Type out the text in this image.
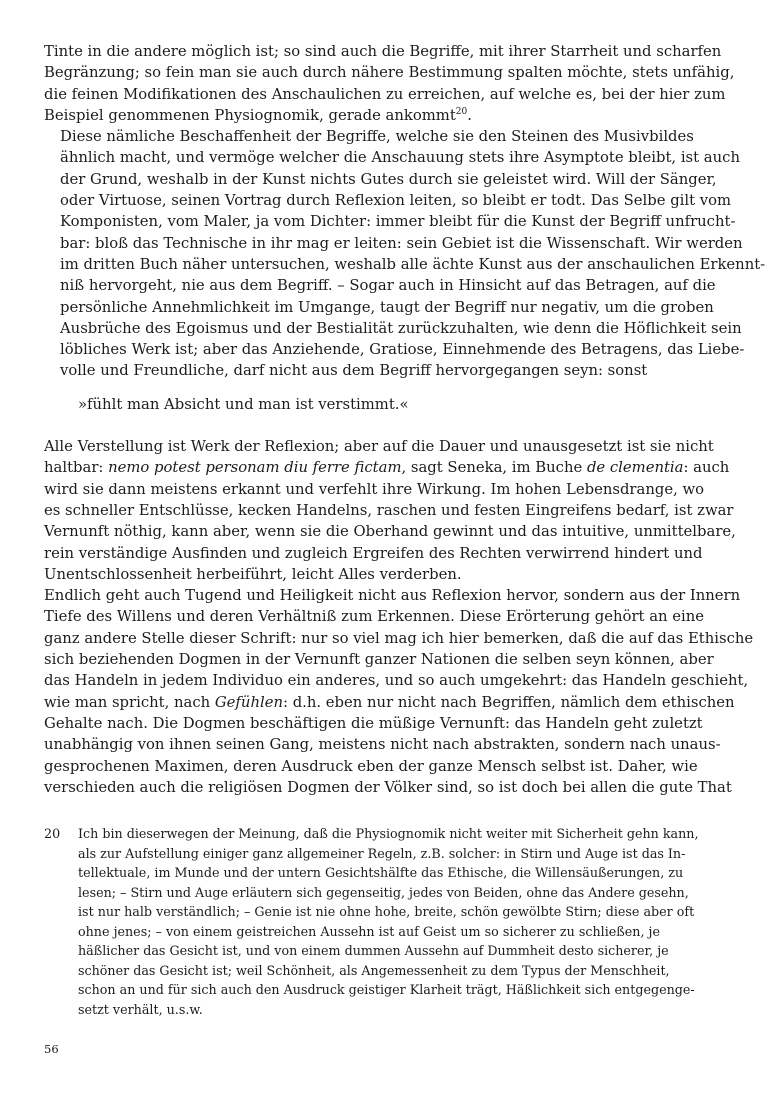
Tinte in die andere möglich ist; so sind auch die Begriffe, mit ihrer Starrheit und scharfen
Begränzung; so fein man sie auch durch nähere Bestimmung spalten möchte, stets unfähig,
die feinen Modifikationen des Anschaulichen zu erreichen, auf welche es, bei der hier zum
Beispiel genommenen Physiognomik, gerade ankommt$^{20}$.

Diese nämliche Beschaffenheit der Begriffe, welche sie den Steinen des Musivbildes
ähnlich macht, und vermöge welcher die Anschauung stets ihre Asymptote bleibt, ist auch
der Grund, weshalb in der Kunst nichts Gutes durch sie geleistet wird. Will der Sänger,
oder Virtuose, seinen Vortrag durch Reflexion leiten, so bleibt er todt. Das Selbe gilt vom
Komponisten, vom Maler, ja vom Dichter: immer bleibt für die Kunst der Begriff unfrucht-
bar: bloß das Technische in ihr mag er leiten: sein Gebiet ist die Wissenschaft. Wir werden
im dritten Buch näher untersuchen, weshalb alle ächte Kunst aus der anschaulichen Erkennt-
niß hervorgeht, nie aus dem Begriff. – Sogar auch in Hinsicht auf das Betragen, auf die
persönliche Annehmlichkeit im Umgange, taugt der Begriff nur negativ, um die groben
Ausbrüche des Egoismus und der Bestialität zurückzuhalten, wie denn die Höflichkeit sein
löbliches Werk ist; aber das Anziehende, Gratiose, Einnehmende des Betragens, das Liebe-
volle und Freundliche, darf nicht aus dem Begriff hervorgegangen seyn: sonst

»fühlt man Absicht und man ist verstimmt.«

Alle Verstellung ist Werk der Reflexion; aber auf die Dauer und unausgesetzt ist sie nicht
haltbar: nemo potest personam diu ferre fictam, sagt Seneka, im Buche de clementia: auch
wird sie dann meistens erkannt und verfehlt ihre Wirkung. Im hohen Lebensdrange, wo
es schneller Entschlüsse, kecken Handelns, raschen und festen Eingreifens bedarf, ist zwar
Vernunft nöthig, kann aber, wenn sie die Oberhand gewinnt und das intuitive, unmittelbare,
rein verständige Ausfinden und zugleich Ergreifen des Rechten verwirrend hindert und
Unentschlossenheit herbeiführt, leicht Alles verderben.

Endlich geht auch Tugend und Heiligkeit nicht aus Reflexion hervor, sondern aus der Innern
Tiefe des Willens und deren Verhältniß zum Erkennen. Diese Erörterung gehört an eine
ganz andere Stelle dieser Schrift: nur so viel mag ich hier bemerken, daß die auf das Ethische
sich beziehenden Dogmen in der Vernunft ganzer Nationen die selben seyn können, aber
das Handeln in jedem Individuo ein anderes, und so auch umgekehrt: das Handeln geschieht,
wie man spricht, nach Gefühlen: d.h. eben nur nicht nach Begriffen, nämlich dem ethischen
Gehalte nach. Die Dogmen beschäftigen die müßige Vernunft: das Handeln geht zuletzt
unabhängig von ihnen seinen Gang, meistens nicht nach abstrakten, sondern nach unaus-
gesprochenen Maximen, deren Ausdruck eben der ganze Mensch selbst ist. Daher, wie
verschieden auch die religiösen Dogmen der Völker sind, so ist doch bei allen die gute That

20 Ich bin dieserwegen der Meinung, daß die Physiognomik nicht weiter mit Sicherheit gehn kann,
als zur Aufstellung einiger ganz allgemeiner Regeln, z.B. solcher: in Stirn und Auge ist das In-
tellektuale, im Munde und der untern Gesichtshälfte das Ethische, die Willensäußerungen, zu
lesen; – Stirn und Auge erläutern sich gegenseitig, jedes von Beiden, ohne das Andere gesehn,
ist nur halb verständlich; – Genie ist nie ohne hohe, breite, schön gewölbte Stirn; diese aber oft
ohne jenes; – von einem geistreichen Aussehn ist auf Geist um so sicherer zu schließen, je
häßlicher das Gesicht ist, und von einem dummen Aussehn auf Dummheit desto sicherer, je
schöner das Gesicht ist; weil Schönheit, als Angemessenheit zu dem Typus der Menschheit,
schon an und für sich auch den Ausdruck geistiger Klarheit trägt, Häßlichkeit sich entgegenge-
setzt verhält, u.s.w.
56
